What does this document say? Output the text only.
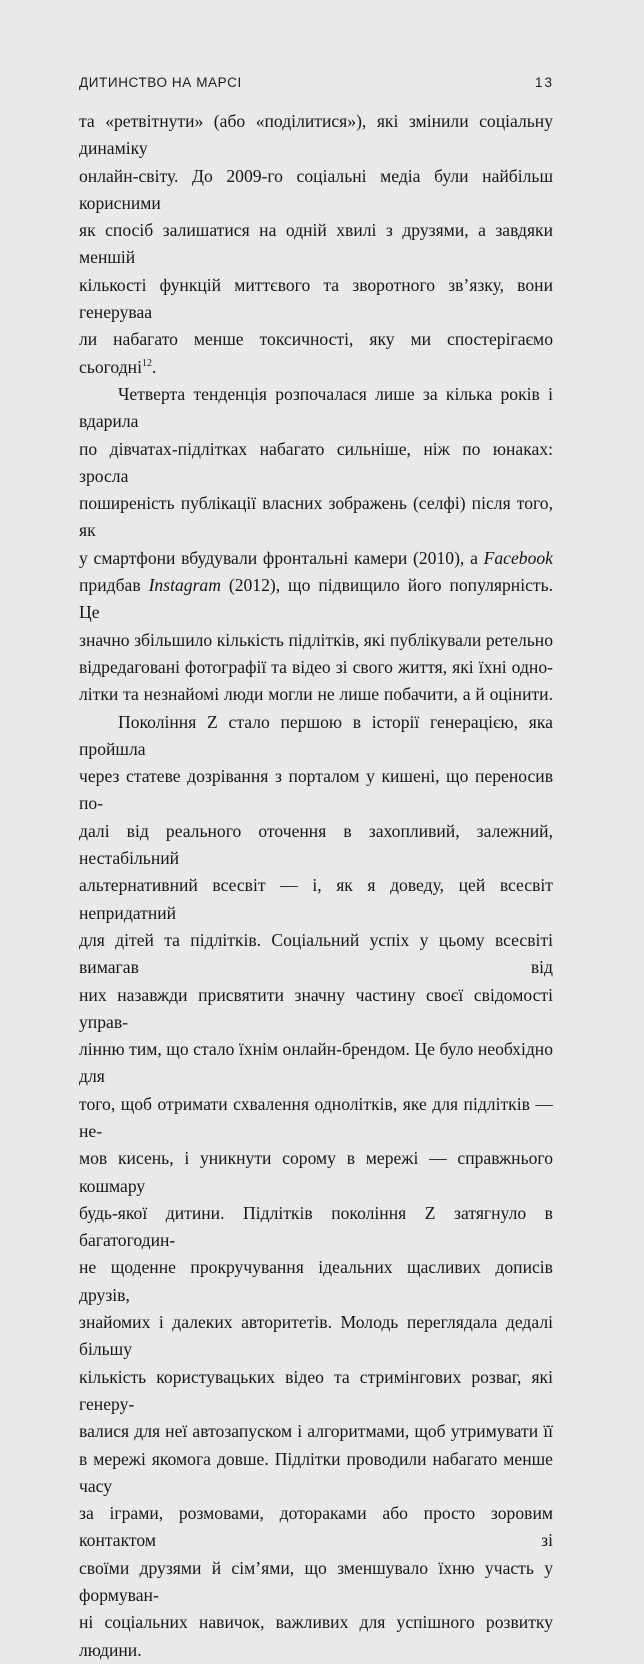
ДИТИНСТВО НА МАРСІ	13

та «ретвітнути» (або «поділитися»), які змінили соціальну динаміку

онлайн-світу. До 2009-го соціальні медіа були найбільш корисними

як спосіб залишатися на одній хвилі з друзями, а завдяки меншій

кількості функцій миттєвого та зворотного зв’язку, вони генеруваа

ли набагато менше токсичності, яку ми спостерігаємо сьогодні$^{12}$.

Четверта тенденція розпочалася лише за кілька років і вдарила

по дівчатах-підлітках набагато сильніше, ніж по юнаках: зросла

поширеність публікації власних зображень (селфі) після того, як

у смартфони вбудували фронтальні камери (2010), а Facebook

придбав Instagram (2012), що підвищило його популярність. Це

значно збільшило кількість підлітків, які публікували ретельно

відредаговані фотографії та відео зі свого життя, які їхні одно-

літки та незнайомі люди могли не лише побачити, а й оцінити.

Покоління Z стало першою в історії генерацією, яка пройшла

через статеве дозрівання з порталом у кишені, що переносив по-

далі від реального оточення в захопливий, залежний, нестабільний

альтернативний всесвіт — і, як я доведу, цей всесвіт непридатний

для дітей та підлітків. Соціальний успіх у цьому всесвіті вимагав від

них назавжди присвятити значну частину своєї свідомості управ-

лінню тим, що стало їхнім онлайн-брендом. Це було необхідно для

того, щоб отримати схвалення однолітків, яке для підлітків — не-

мов кисень, і уникнути сорому в мережі — справжнього кошмару

будь-якої дитини. Підлітків покоління Z затягнуло в багатогодин-

не щоденне прокручування ідеальних щасливих дописів друзів,

знайомих і далеких авторитетів. Молодь переглядала дедалі більшу

кількість користувацьких відео та стримінгових розваг, які генеру-

валися для неї автозапуском і алгоритмами, щоб утримувати її

в мережі якомога довше. Підлітки проводили набагато менше часу

за іграми, розмовами, дотораками або просто зоровим контактом зі

своїми друзями й сім’ями, що зменшувало їхню участь у формуван-

ні соціальних навичок, важливих для успішного розвитку людини.
